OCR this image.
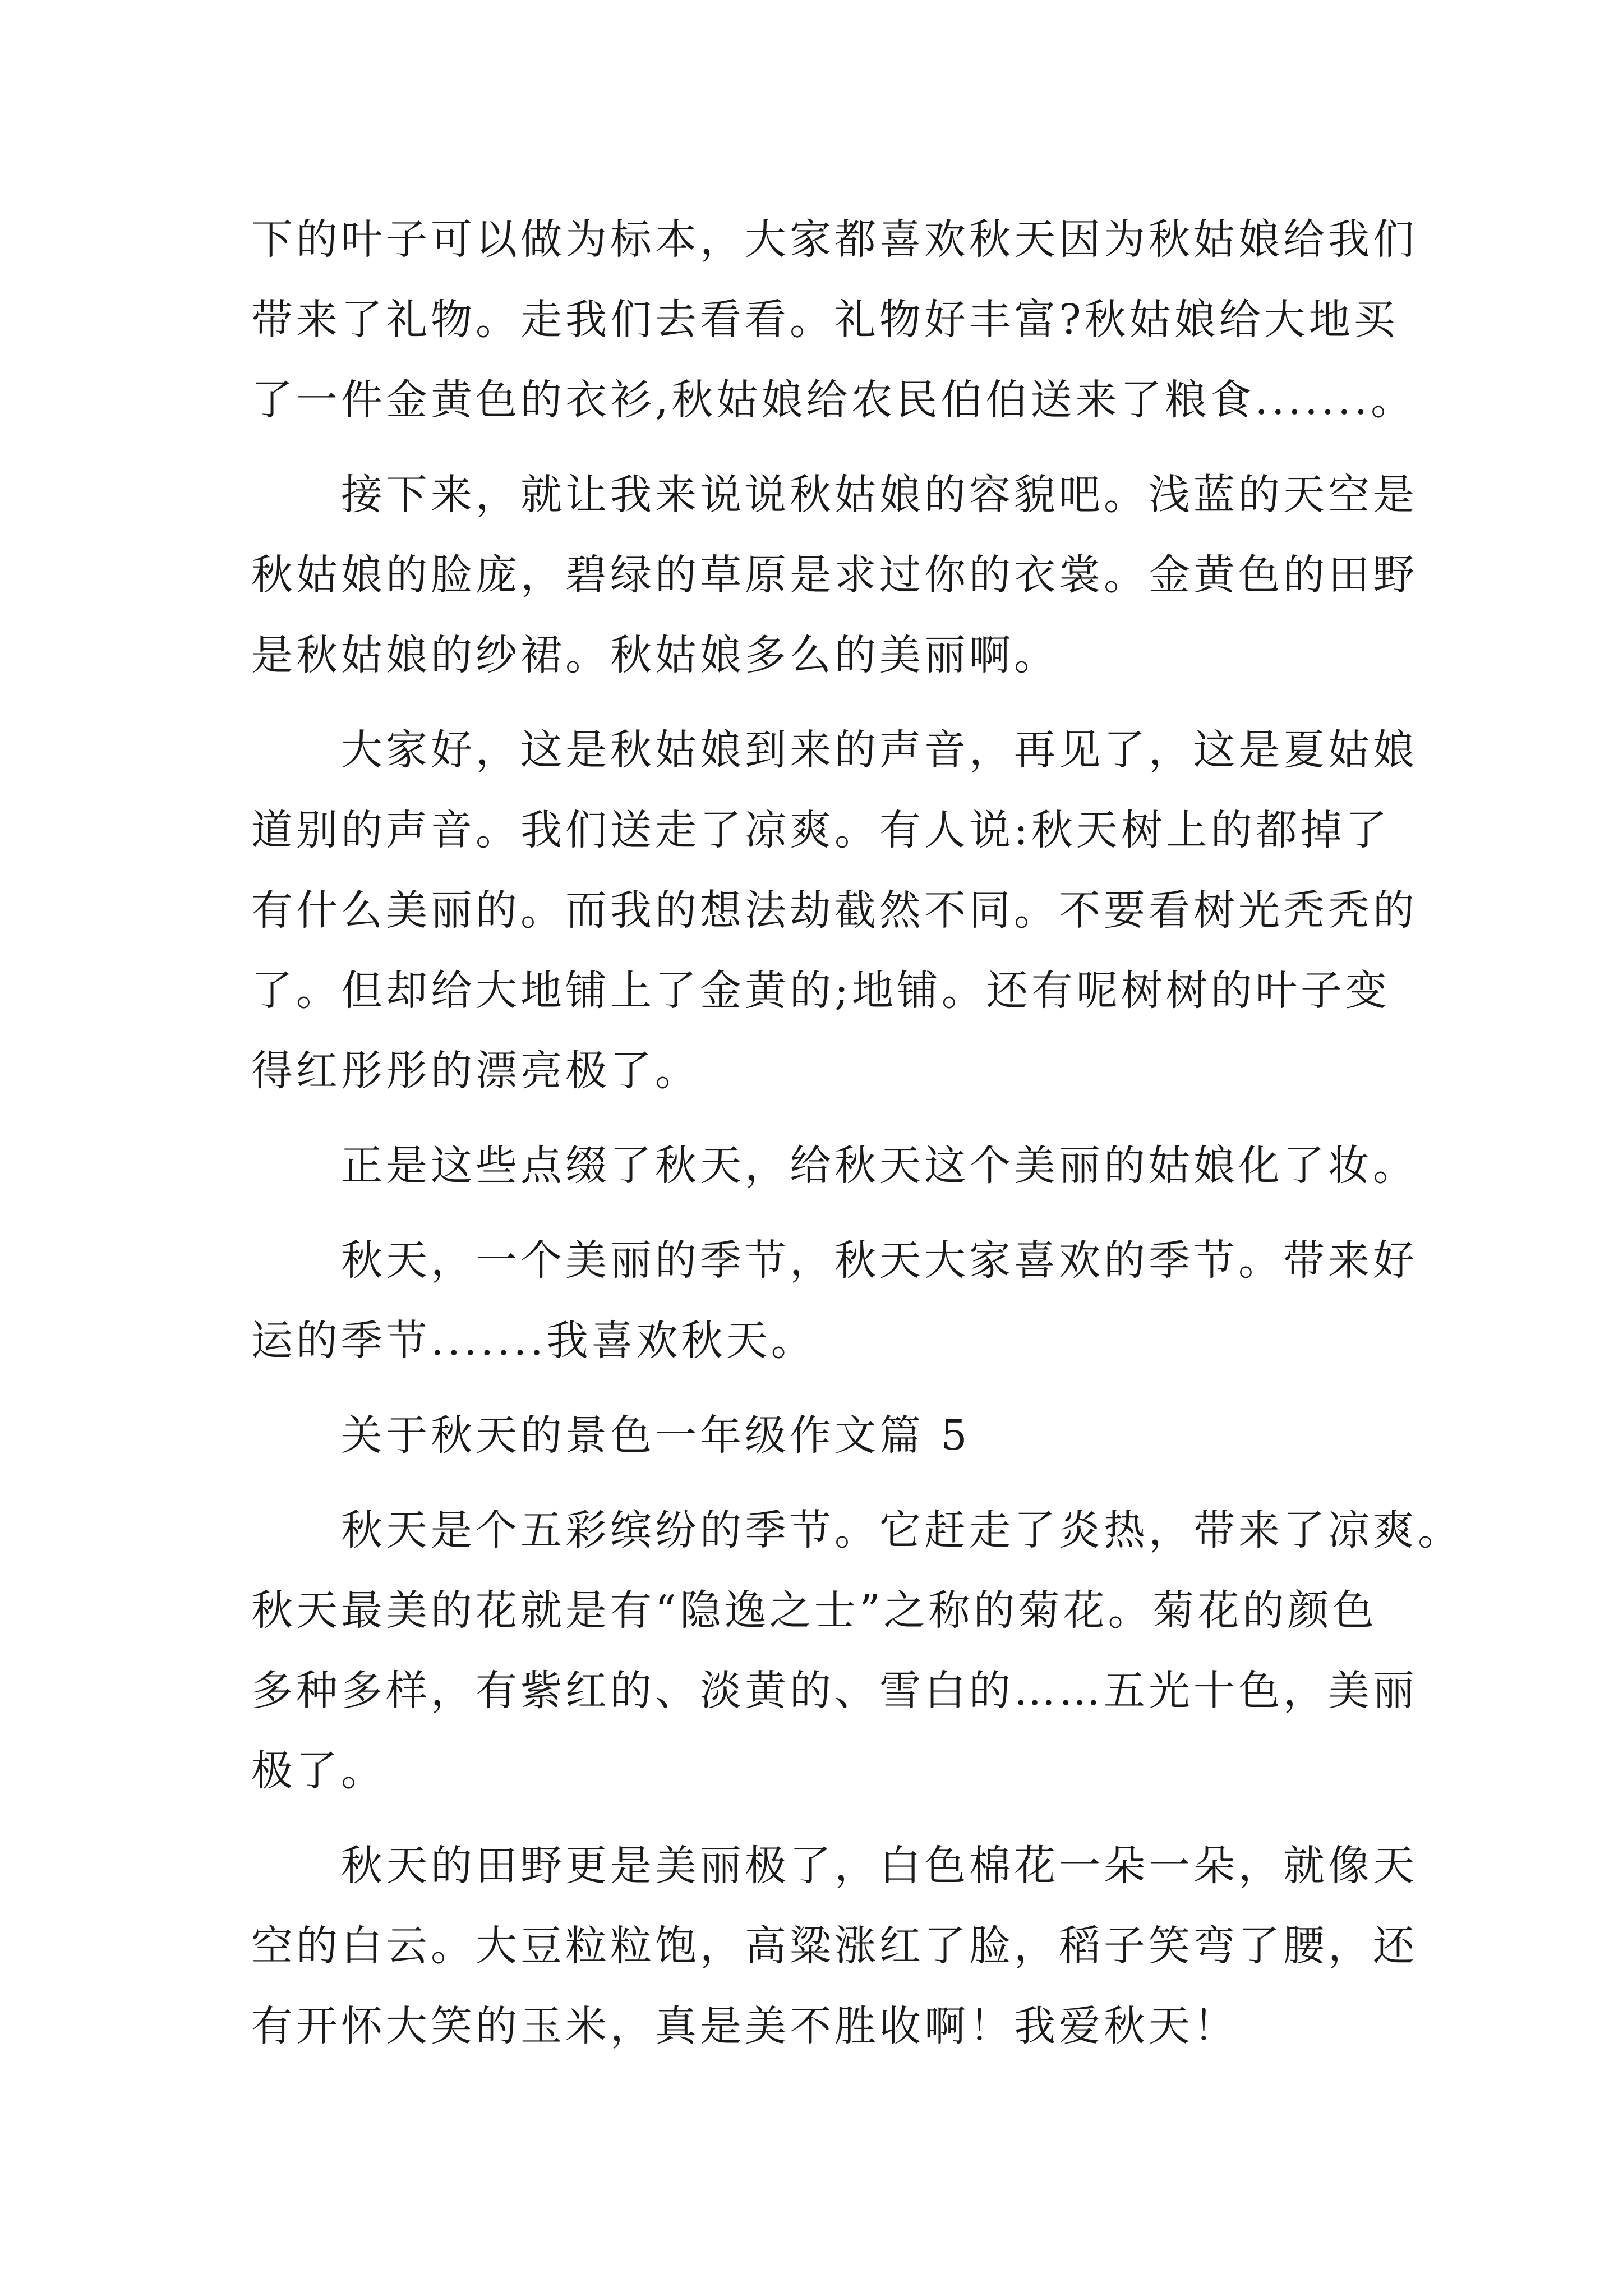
下的叶子可以做为标本，大家都喜欢秋天因为秋姑娘给我们
带来了礼物。走我们去看看。礼物好丰富?秋姑娘给大地买
了一件金黄色的衣衫,秋姑娘给农民伯伯送来了粮食.......。
接下来，就让我来说说秋姑娘的容貌吧。浅蓝的天空是
秋姑娘的脸庞，碧绿的草原是求过你的衣裳。金黄色的田野
是秋姑娘的纱裙。秋姑娘多么的美丽啊。
大家好，这是秋姑娘到来的声音，再见了，这是夏姑娘
道别的声音。我们送走了凉爽。有人说:秋天树上的都掉了
有什么美丽的。而我的想法劫截然不同。不要看树光秃秃的
了。但却给大地铺上了金黄的;地铺。还有呢树树的叶子变
得红彤彤的漂亮极了。
正是这些点缀了秋天，给秋天这个美丽的姑娘化了妆。
秋天，一个美丽的季节，秋天大家喜欢的季节。带来好
运的季节.......我喜欢秋天。
关于秋天的景色一年级作文篇 5
秋天是个五彩缤纷的季节。它赶走了炎热，带来了凉爽。
秋天最美的花就是有“隐逸之士”之称的菊花。菊花的颜色
多种多样，有紫红的、淡黄的、雪白的……五光十色，美丽
极了。
秋天的田野更是美丽极了，白色棉花一朵一朵，就像天
空的白云。大豆粒粒饱，高粱涨红了脸，稻子笑弯了腰，还
有开怀大笑的玉米，真是美不胜收啊！我爱秋天！
